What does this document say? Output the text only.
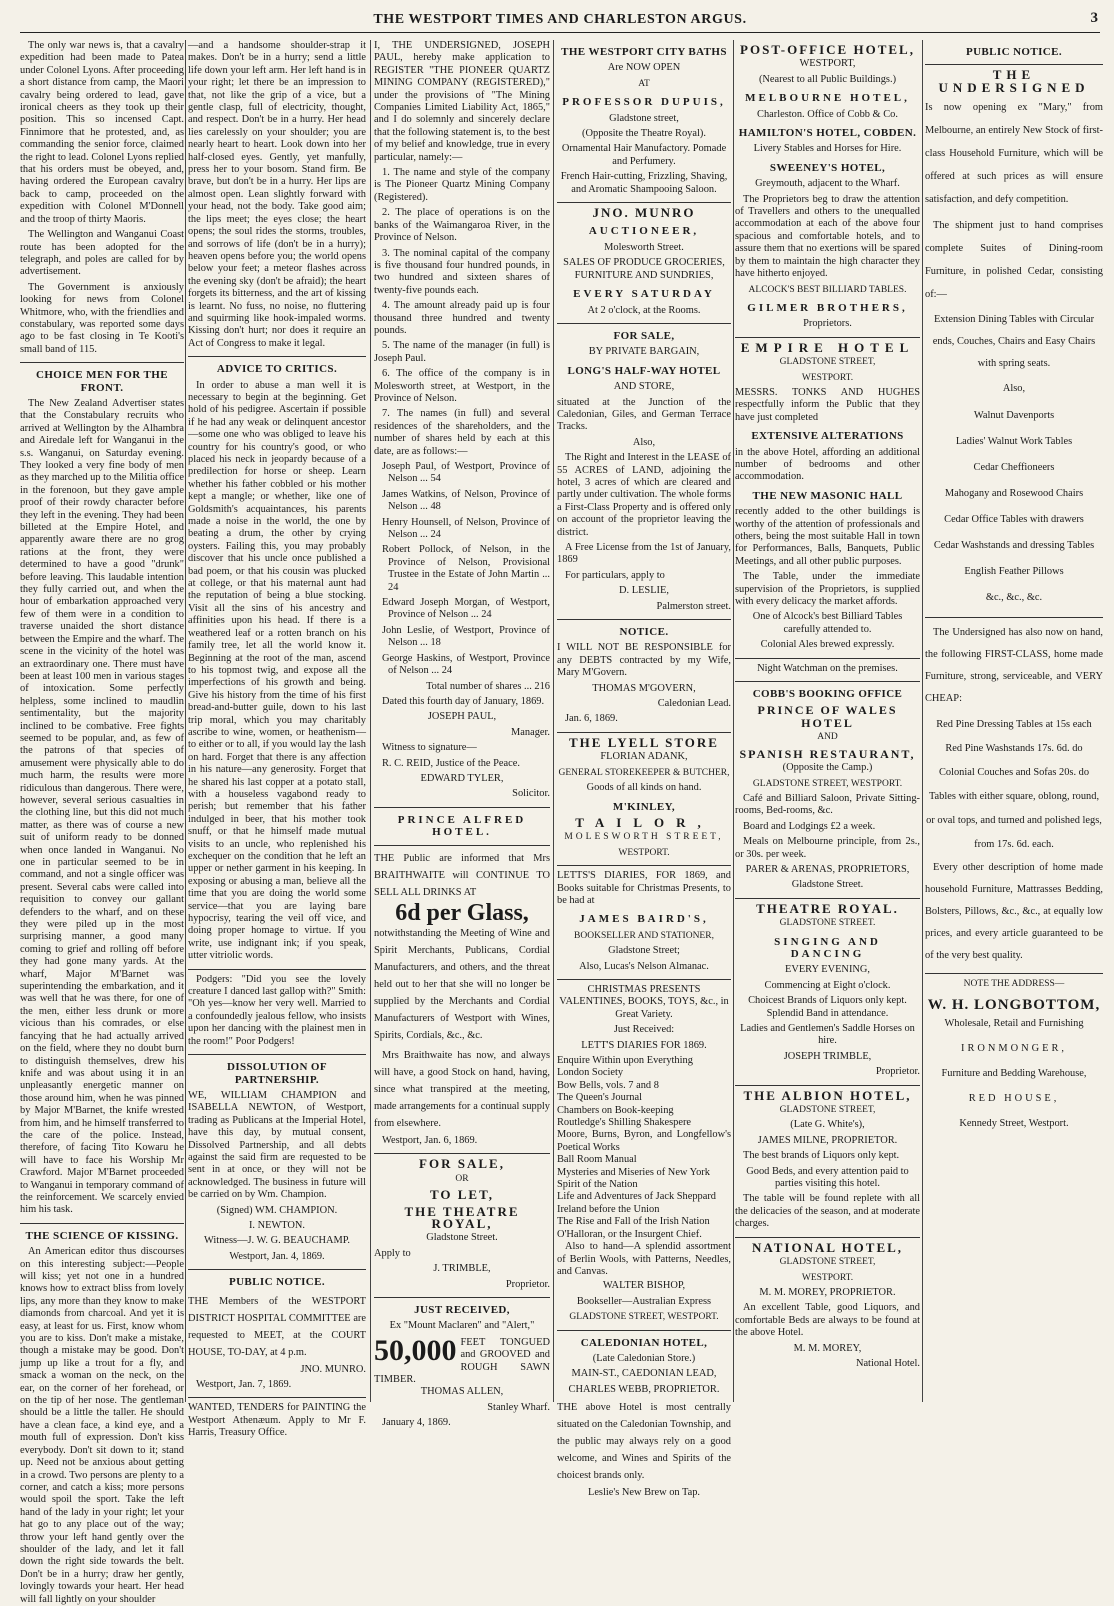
THE WESTPORT TIMES AND CHARLESTON ARGUS.	3

The only war news is, that a cavalry expedition had been made to Patea under Colonel Lyons. After proceeding a short distance from camp, the Maori cavalry being ordered to lead, gave ironical cheers as they took up their position. This so incensed Capt. Finnimore that he protested, and, as commanding the senior force, claimed the right to lead. Colonel Lyons replied that his orders must be obeyed, and, having ordered the European cavalry back to camp, proceeded on the expedition with Colonel M'Donnell and the troop of thirty Maoris.

The Wellington and Wanganui Coast route has been adopted for the telegraph, and poles are called for by advertisement.

The Government is anxiously looking for news from Colonel Whitmore, who, with the friendlies and constabulary, was reported some days ago to be fast closing in Te Kooti's small band of 115.

CHOICE MEN FOR THE FRONT.

The New Zealand Advertiser states that the Constabulary recruits who arrived at Wellington by the Alhambra and Airedale left for Wanganui in the s.s. Wanganui, on Saturday evening. They looked a very fine body of men as they marched up to the Militia office in the forenoon, but they gave ample proof of their rowdy character before they left in the evening. They had been billeted at the Empire Hotel, and apparently aware there are no grog rations at the front, they were determined to have a good "drunk" before leaving. This laudable intention they fully carried out, and when the hour of embarkation approached very few of them were in a condition to traverse unaided the short distance between the Empire and the wharf. The scene in the vicinity of the hotel was an extraordinary one. There must have been at least 100 men in various stages of intoxication. Some perfectly helpless, some inclined to maudlin sentimentality, but the majority inclined to be combative. Free fights seemed to be popular, and, as few of the patrons of that species of amusement were physically able to do much harm, the results were more ridiculous than dangerous. There were, however, several serious casualties in the clothing line, but this did not much matter, as there was of course a new suit of uniform ready to be donned when once landed in Wanganui. No one in particular seemed to be in command, and not a single officer was present. Several cabs were called into requisition to convey our gallant defenders to the wharf, and on these they were piled up in the most surprising manner, a good many coming to grief and rolling off before they had gone many yards. At the wharf, Major M'Barnet was superintending the embarkation, and it was well that he was there, for one of the men, either less drunk or more vicious than his comrades, or else fancying that he had actually arrived on the field, where they no doubt burn to distinguish themselves, drew his knife and was about using it in an unpleasantly energetic manner on those around him, when he was pinned by Major M'Barnet, the knife wrested from him, and he himself transferred to the care of the police. Instead, therefore, of facing Tito Kowaru he will have to face his Worship Mr Crawford. Major M'Barnet proceeded to Wanganui in temporary command of the reinforcement. We scarcely envied him his task.

THE SCIENCE OF KISSING.

An American editor thus discourses on this interesting subject:—People will kiss; yet not one in a hundred knows how to extract bliss from lovely lips, any more than they know to make diamonds from charcoal. And yet it is easy, at least for us. First, know whom you are to kiss. Don't make a mistake, though a mistake may be good. Don't jump up like a trout for a fly, and smack a woman on the neck, on the ear, on the corner of her forehead, or on the tip of her nose. The gentleman should be a little the taller. He should have a clean face, a kind eye, and a mouth full of expression. Don't kiss everybody. Don't sit down to it; stand up. Need not be anxious about getting in a crowd. Two persons are plenty to a corner, and catch a kiss; more persons would spoil the sport. Take the left hand of the lady in your right; let your hat go to any place out of the way; throw your left hand gently over the shoulder of the lady, and let it fall down the right side towards the belt. Don't be in a hurry; draw her gently, lovingly towards your heart. Her head will fall lightly on your shoulder

—and a handsome shoulder-strap it makes. Don't be in a hurry; send a little life down your left arm. Her left hand is in your right; let there be an impression to that, not like the grip of a vice, but a gentle clasp, full of electricity, thought, and respect. Don't be in a hurry. Her head lies carelessly on your shoulder; you are nearly heart to heart. Look down into her half-closed eyes. Gently, yet manfully, press her to your bosom. Stand firm. Be brave, but don't be in a hurry. Her lips are almost open. Lean slightly forward with your head, not the body. Take good aim; the lips meet; the eyes close; the heart opens; the soul rides the storms, troubles, and sorrows of life (don't be in a hurry); heaven opens before you; the world opens below your feet; a meteor flashes across the evening sky (don't be afraid); the heart forgets its bitterness, and the art of kissing is learnt. No fuss, no noise, no fluttering and squirming like hook-impaled worms. Kissing don't hurt; nor does it require an Act of Congress to make it legal.

ADVICE TO CRITICS.

In order to abuse a man well it is necessary to begin at the beginning. Get hold of his pedigree. Ascertain if possible if he had any weak or delinquent ancestor—some one who was obliged to leave his country for his country's good, or who placed his neck in jeopardy because of a predilection for horse or sheep. Learn whether his father cobbled or his mother kept a mangle; or whether, like one of Goldsmith's acquaintances, his parents made a noise in the world, the one by beating a drum, the other by crying oysters. Failing this, you may probably discover that his uncle once published a bad poem, or that his cousin was plucked at college, or that his maternal aunt had the reputation of being a blue stocking. Visit all the sins of his ancestry and affinities upon his head. If there is a weathered leaf or a rotten branch on his family tree, let all the world know it. Beginning at the root of the man, ascend to his topmost twig, and expose all the imperfections of his growth and being. Give his history from the time of his first bread-and-butter guile, down to his last trip moral, which you may charitably ascribe to wine, women, or heathenism—to either or to all, if you would lay the lash on hard. Forget that there is any affection in his nature—any generosity. Forget that he shared his last copper at a potato stall, with a houseless vagabond ready to perish; but remember that his father indulged in beer, that his mother took snuff, or that he himself made mutual visits to an uncle, who replenished his exchequer on the condition that he left an upper or nether garment in his keeping. In exposing or abusing a man, believe all the time that you are doing the world some service—that you are laying bare hypocrisy, tearing the veil off vice, and doing proper homage to virtue. If you write, use indignant ink; if you speak, utter vitriolic words.

Podgers: "Did you see the lovely creature I danced last gallop with?" Smith: "Oh yes—know her very well. Married to a confoundedly jealous fellow, who insists upon her dancing with the plainest men in the room!" Poor Podgers!

DISSOLUTION OF PARTNERSHIP.

WE, WILLIAM CHAMPION and ISABELLA NEWTON, of Westport, trading as Publicans at the Imperial Hotel, have this day, by mutual consent, Dissolved Partnership, and all debts against the said firm are requested to be sent in at once, or they will not be acknowledged. The business in future will be carried on by Wm. Champion.

(Signed) WM. CHAMPION.

I. NEWTON.

Witness—J. W. G. BEAUCHAMP.

Westport, Jan. 4, 1869.

PUBLIC NOTICE.

THE Members of the WESTPORT DISTRICT HOSPITAL COMMITTEE are requested to MEET, at the COURT HOUSE, TO-DAY, at 4 p.m.

JNO. MUNRO.

Westport, Jan. 7, 1869.

WANTED, TENDERS for PAINTING the Westport Athenæum. Apply to Mr F. Harris, Treasury Office.

I, THE UNDERSIGNED, JOSEPH PAUL, hereby make application to REGISTER "THE PIONEER QUARTZ MINING COMPANY (REGISTERED)," under the provisions of "The Mining Companies Limited Liability Act, 1865," and I do solemnly and sincerely declare that the following statement is, to the best of my belief and knowledge, true in every particular, namely:—

1. The name and style of the company is The Pioneer Quartz Mining Company (Registered).

2. The place of operations is on the banks of the Waimangaroa River, in the Province of Nelson.

3. The nominal capital of the company is five thousand four hundred pounds, in two hundred and sixteen shares of twenty-five pounds each.

4. The amount already paid up is four thousand three hundred and twenty pounds.

5. The name of the manager (in full) is Joseph Paul.

6. The office of the company is in Molesworth street, at Westport, in the Province of Nelson.

7. The names (in full) and several residences of the shareholders, and the number of shares held by each at this date, are as follows:—

Joseph Paul, of Westport, Province of Nelson ... 54

James Watkins, of Nelson, Province of Nelson ... 48

Henry Hounsell, of Nelson, Province of Nelson ... 24

Robert Pollock, of Nelson, in the Province of Nelson, Provisional Trustee in the Estate of John Martin ... 24

Edward Joseph Morgan, of Westport, Province of Nelson ... 24

John Leslie, of Westport, Province of Nelson ... 18

George Haskins, of Westport, Province of Nelson ... 24

Total number of shares ... 216

Dated this fourth day of January, 1869.

JOSEPH PAUL,

Manager.

Witness to signature—

R. C. REID, Justice of the Peace.

EDWARD TYLER,

Solicitor.

PRINCE ALFRED HOTEL.

THE Public are informed that Mrs BRAITHWAITE will CONTINUE TO SELL ALL DRINKS AT

6d per Glass,

notwithstanding the Meeting of Wine and Spirit Merchants, Publicans, Cordial Manufacturers, and others, and the threat held out to her that she will no longer be supplied by the Merchants and Cordial Manufacturers of Westport with Wines, Spirits, Cordials, &c., &c.

Mrs Braithwaite has now, and always will have, a good Stock on hand, having, since what transpired at the meeting, made arrangements for a continual supply from elsewhere.

Westport, Jan. 6, 1869.

FOR SALE,

OR

TO LET,
THE THEATRE ROYAL,

Gladstone Street.

Apply to

J. TRIMBLE,

Proprietor.

JUST RECEIVED,

Ex "Mount Maclaren" and "Alert,"

50,000 FEET TONGUED and GROOVED and ROUGH SAWN TIMBER.

THOMAS ALLEN,

Stanley Wharf.

January 4, 1869.

THE WESTPORT CITY BATHS

Are NOW OPEN

AT

PROFESSOR DUPUIS,

Gladstone street,

(Opposite the Theatre Royal).

Ornamental Hair Manufactory. Pomade and Perfumery.

French Hair-cutting, Frizzling, Shaving, and Aromatic Shampooing Saloon.

JNO. MUNRO
AUCTIONEER,

Molesworth Street.

SALES OF PRODUCE GROCERIES, FURNITURE AND SUNDRIES,

EVERY SATURDAY

At 2 o'clock, at the Rooms.

FOR SALE,

BY PRIVATE BARGAIN,

LONG'S HALF-WAY HOTEL

AND STORE,

situated at the Junction of the Caledonian, Giles, and German Terrace Tracks.

Also,

The Right and Interest in the LEASE of 55 ACRES of LAND, adjoining the hotel, 3 acres of which are cleared and partly under cultivation. The whole forms a First-Class Property and is offered only on account of the proprietor leaving the district.

A Free License from the 1st of January, 1869

For particulars, apply to

D. LESLIE,

Palmerston street.

NOTICE.

I WILL NOT BE RESPONSIBLE for any DEBTS contracted by my Wife, Mary M'Govern.

THOMAS M'GOVERN,

Caledonian Lead.

Jan. 6, 1869.

THE LYELL STORE

FLORIAN ADANK,

GENERAL STOREKEEPER & BUTCHER,

Goods of all kinds on hand.

M'KINLEY,
TAILOR,

MOLESWORTH STREET,

WESTPORT.

LETTS'S DIARIES, FOR 1869, and Books suitable for Christmas Presents, to be had at

JAMES BAIRD'S,

BOOKSELLER AND STATIONER,

Gladstone Street;

Also, Lucas's Nelson Almanac.

CHRISTMAS PRESENTS VALENTINES, BOOKS, TOYS, &c., in Great Variety.

Just Received:

LETT'S DIARIES FOR 1869.

Enquire Within upon Everything

London Society

Bow Bells, vols. 7 and 8

The Queen's Journal

Chambers on Book-keeping

Routledge's Shilling Shakespere

Moore, Burns, Byron, and Longfellow's Poetical Works

Ball Room Manual

Mysteries and Miseries of New York

Spirit of the Nation

Life and Adventures of Jack Sheppard

Ireland before the Union

The Rise and Fall of the Irish Nation

O'Halloran, or the Insurgent Chief.

Also to hand—A splendid assortment of Berlin Wools, with Patterns, Needles, and Canvas.

WALTER BISHOP,

Bookseller—Australian Express

GLADSTONE STREET, WESTPORT.

CALEDONIAN HOTEL,

(Late Caledonian Store.)

MAIN-ST., CAEDONIAN LEAD,

CHARLES WEBB, PROPRIETOR.

THE above Hotel is most centrally situated on the Caledonian Township, and the public may always rely on a good welcome, and Wines and Spirits of the choicest brands only.

Leslie's New Brew on Tap.

POST-OFFICE HOTEL,

WESTPORT,

(Nearest to all Public Buildings.)

MELBOURNE HOTEL,

Charleston. Office of Cobb & Co.

HAMILTON'S HOTEL, COBDEN.

Livery Stables and Horses for Hire.

SWEENEY'S HOTEL,

Greymouth, adjacent to the Wharf.

The Proprietors beg to draw the attention of Travellers and others to the unequalled accommodation at each of the above four spacious and comfortable hotels, and to assure them that no exertions will be spared by them to maintain the high character they have hitherto enjoyed.

ALCOCK'S BEST BILLIARD TABLES.

GILMER BROTHERS,

Proprietors.

EMPIRE HOTEL

GLADSTONE STREET,

WESTPORT.

MESSRS. TONKS AND HUGHES respectfully inform the Public that they have just completed

EXTENSIVE ALTERATIONS

in the above Hotel, affording an additional number of bedrooms and other accommodation.

THE NEW MASONIC HALL

recently added to the other buildings is worthy of the attention of professionals and others, being the most suitable Hall in town for Performances, Balls, Banquets, Public Meetings, and all other public purposes.

The Table, under the immediate supervision of the Proprietors, is supplied with every delicacy the market affords.

One of Alcock's best Billiard Tables carefully attended to.

Colonial Ales brewed expressly.

Night Watchman on the premises.

COBB'S BOOKING OFFICE
PRINCE OF WALES HOTEL

AND

SPANISH RESTAURANT,

(Opposite the Camp.)

GLADSTONE STREET, WESTPORT.

Café and Billiard Saloon, Private Sitting-rooms, Bed-rooms, &c.

Board and Lodgings £2 a week.

Meals on Melbourne principle, from 2s., or 30s. per week.

PARER & ARENAS, PROPRIETORS,

Gladstone Street.

THEATRE ROYAL.

GLADSTONE STREET.

SINGING AND DANCING

EVERY EVENING,

Commencing at Eight o'clock.

Choicest Brands of Liquors only kept. Splendid Band in attendance.

Ladies and Gentlemen's Saddle Horses on hire.

JOSEPH TRIMBLE,

Proprietor.

THE ALBION HOTEL,

GLADSTONE STREET,

(Late G. White's),

JAMES MILNE, PROPRIETOR.

The best brands of Liquors only kept.

Good Beds, and every attention paid to parties visiting this hotel.

The table will be found replete with all the delicacies of the season, and at moderate charges.

NATIONAL HOTEL,

GLADSTONE STREET,

WESTPORT.

M. M. MOREY, PROPRIETOR.

An excellent Table, good Liquors, and comfortable Beds are always to be found at the above Hotel.

M. M. MOREY,

National Hotel.

PUBLIC NOTICE.
THE UNDERSIGNED

Is now opening ex "Mary," from Melbourne, an entirely New Stock of first-class Household Furniture, which will be offered at such prices as will ensure satisfaction, and defy competition.

The shipment just to hand comprises complete Suites of Dining-room Furniture, in polished Cedar, consisting of:—

Extension Dining Tables with Circular ends, Couches, Chairs and Easy Chairs with spring seats.

Also,

Walnut Davenports

Ladies' Walnut Work Tables

Cedar Cheffioneers

Mahogany and Rosewood Chairs

Cedar Office Tables with drawers

Cedar Washstands and dressing Tables

English Feather Pillows

&c., &c., &c.

The Undersigned has also now on hand, the following FIRST-CLASS, home made Furniture, strong, serviceable, and VERY CHEAP:

Red Pine Dressing Tables at 15s each

Red Pine Washstands 17s. 6d. do

Colonial Couches and Sofas 20s. do

Tables with either square, oblong, round, or oval tops, and turned and polished legs, from 17s. 6d. each.

Every other description of home made household Furniture, Mattrasses Bedding, Bolsters, Pillows, &c., &c., at equally low prices, and every article guaranteed to be of the very best quality.

NOTE THE ADDRESS—

W. H. LONGBOTTOM,

Wholesale, Retail and Furnishing

IRONMONGER,

Furniture and Bedding Warehouse,

RED HOUSE,

Kennedy Street, Westport.
